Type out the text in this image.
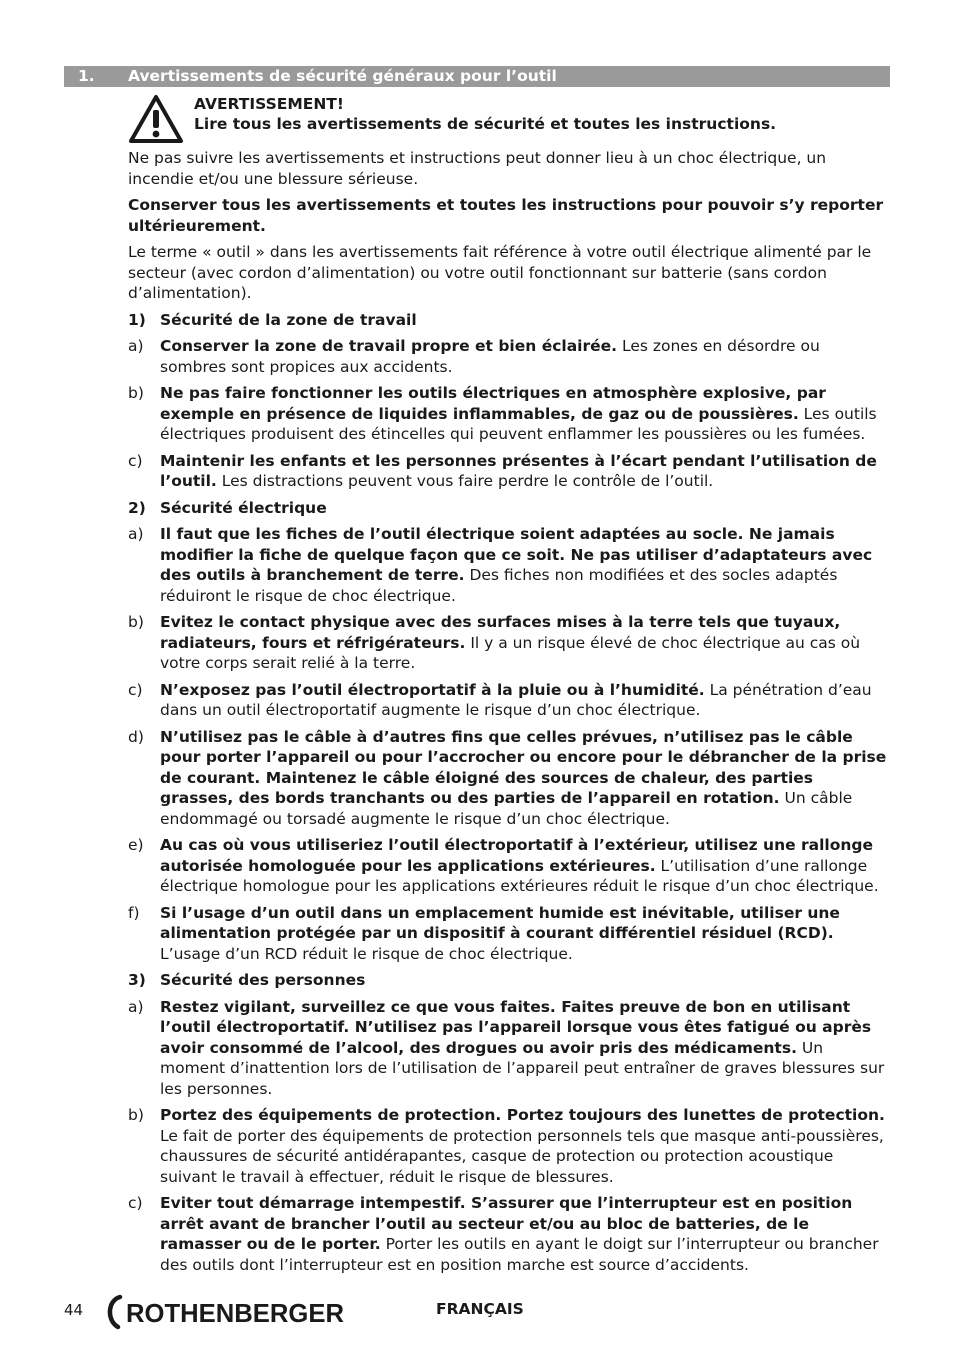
1. Avertissements de sécurité généraux pour l’outil
AVERTISSEMENT!
Lire tous les avertissements de sécurité et toutes les instructions.

Ne pas suivre les avertissements et instructions peut donner lieu à un choc électrique, un incendie et/ou une blessure sérieuse.

Conserver tous les avertissements et toutes les instructions pour pouvoir s’y reporter ultérieurement.

Le terme « outil » dans les avertissements fait référence à votre outil électrique alimenté par le secteur (avec cordon d’alimentation) ou votre outil fonctionnant sur batterie (sans cordon d’alimentation).

1) Sécurité de la zone de travail
a)	Conserver la zone de travail propre et bien éclairée. Les zones en désordre ou sombres sont propices aux accidents.
b)	Ne pas faire fonctionner les outils électriques en atmosphère explosive, par exemple en présence de liquides inflammables, de gaz ou de poussières. Les outils électriques produisent des étincelles qui peuvent enflammer les poussières ou les fumées.
c)	Maintenir les enfants et les personnes présentes à l’écart pendant l’utilisation de l’outil. Les distractions peuvent vous faire perdre le contrôle de l’outil.
2) Sécurité électrique
a)	Il faut que les fiches de l’outil électrique soient adaptées au socle. Ne jamais modifier la fiche de quelque façon que ce soit. Ne pas utiliser d’adaptateurs avec des outils à branchement de terre. Des fiches non modifiées et des socles adaptés réduiront le risque de choc électrique.
b)	Evitez le contact physique avec des surfaces mises à la terre tels que tuyaux, radiateurs, fours et réfrigérateurs. Il y a un risque élevé de choc électrique au cas où votre corps serait relié à la terre.
c)	N’exposez pas l’outil électroportatif à la pluie ou à l’humidité. La pénétration d’eau dans un outil électroportatif augmente le risque d’un choc électrique.
d)	N’utilisez pas le câble à d’autres fins que celles prévues, n’utilisez pas le câble pour porter l’appareil ou pour l’accrocher ou encore pour le débrancher de la prise de courant. Maintenez le câble éloigné des sources de chaleur, des parties grasses, des bords tranchants ou des parties de l’appareil en rotation. Un câble endommagé ou torsadé augmente le risque d’un choc électrique.
e)	Au cas où vous utiliseriez l’outil électroportatif à l’extérieur, utilisez une rallonge autorisée homologuée pour les applications extérieures. L’utilisation d’une rallonge électrique homologue pour les applications extérieures réduit le risque d’un choc électrique.
f)	Si l’usage d’un outil dans un emplacement humide est inévitable, utiliser une alimentation protégée par un dispositif à courant différentiel résiduel (RCD). L’usage d’un RCD réduit le risque de choc électrique.
3) Sécurité des personnes
a)	Restez vigilant, surveillez ce que vous faites. Faites preuve de bon en utilisant l’outil électroportatif. N’utilisez pas l’appareil lorsque vous êtes fatigué ou après avoir consommé de l’alcool, des drogues ou avoir pris des médicaments. Un moment d’inattention lors de l’utilisation de l’appareil peut entraîner de graves blessures sur les personnes.
b)	Portez des équipements de protection. Portez toujours des lunettes de protection. Le fait de porter des équipements de protection personnels tels que masque anti-poussières, chaussures de sécurité antidérapantes, casque de protection ou protection acoustique suivant le travail à effectuer, réduit le risque de blessures.
c)	Eviter tout démarrage intempestif. S’assurer que l’interrupteur est en position arrêt avant de brancher l’outil au secteur et/ou au bloc de batteries, de le ramasser ou de le porter. Porter les outils en ayant le doigt sur l’interrupteur ou brancher des outils dont l’interrupteur est en position marche est source d’accidents.
44 ROTHENBERGER	FRANÇAIS
